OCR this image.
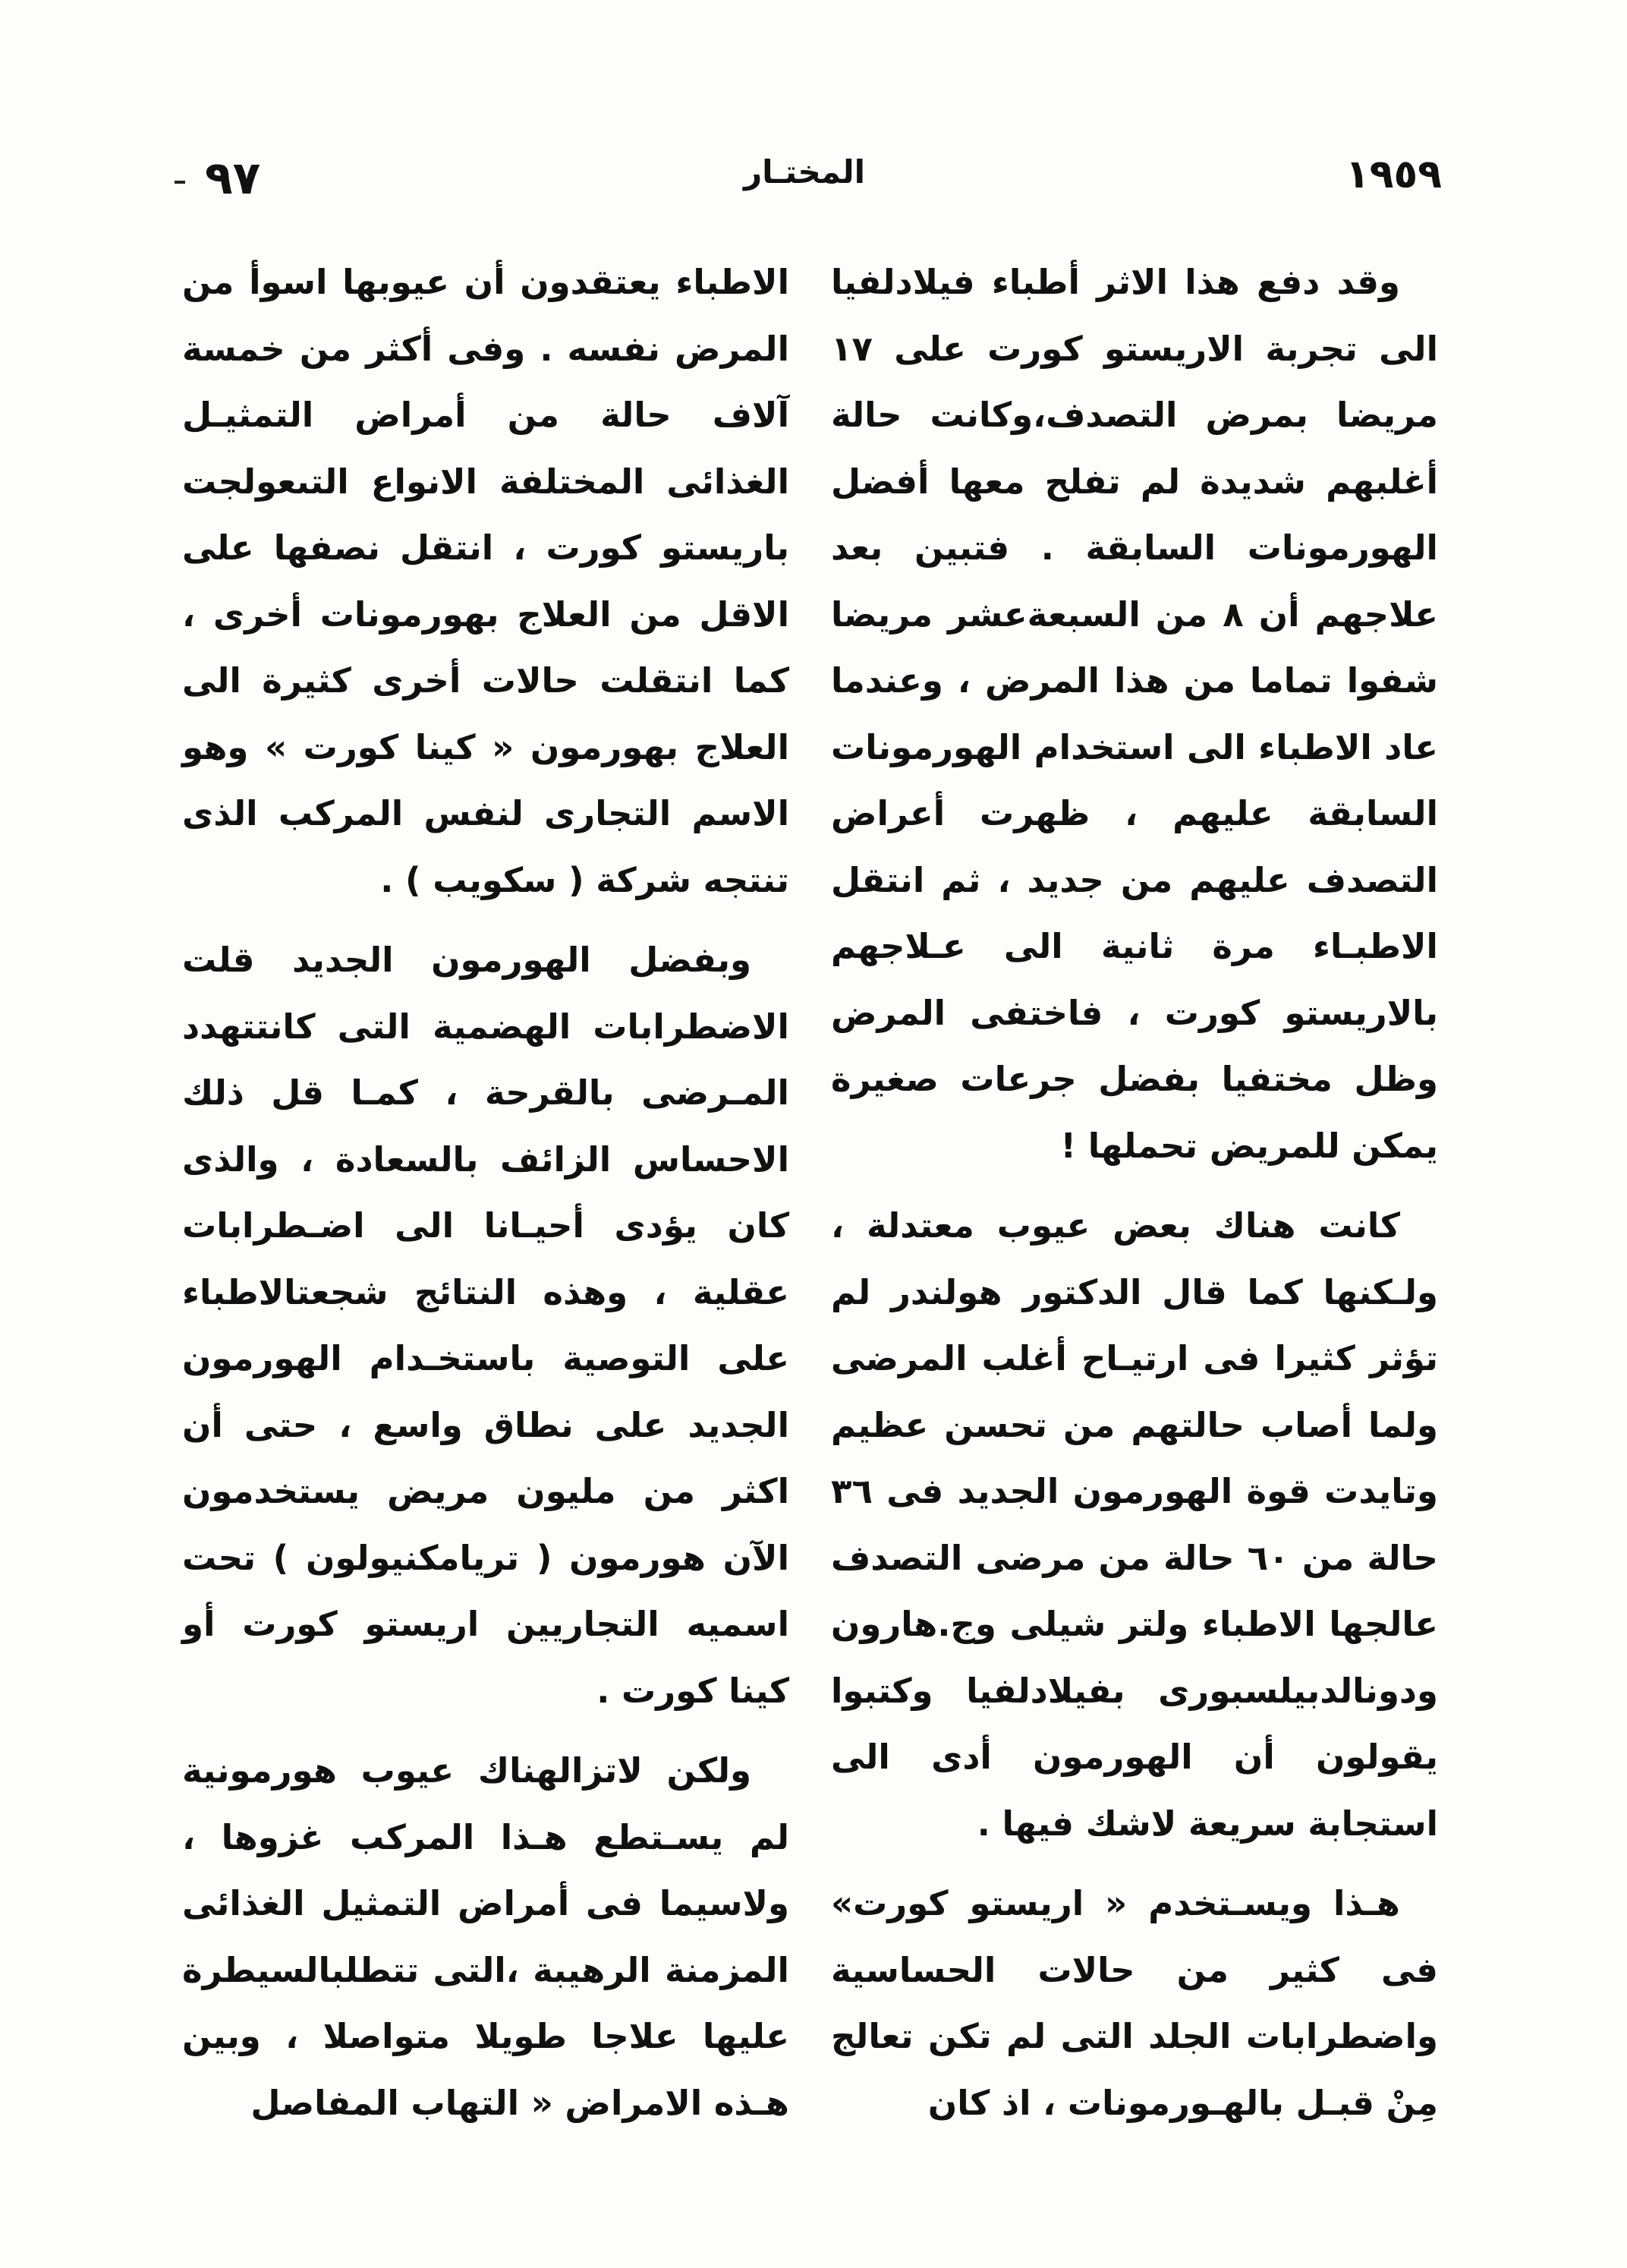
٩٧	المختـار	١٩٥٩

وقد دفع هذا الاثر أطباء فيلادلفيا الى تجربة الاريستو كورت على ١٧ مريضا بمرض التصدف،وكانت حالة أغلبهم شديدة لم تفلح معها أفضل الهورمونات السابقة . فتبين بعد علاجهم أن ٨ من السبعةعشر مريضا شفوا تماما من هذا المرض ، وعندما عاد الاطباء الى استخدام الهورمونات السابقة عليهم ، ظهرت أعراض التصدف عليهم من جديد ، ثم انتقل الاطبـاء مرة ثانية الى عـلاجهم بالاريستو كورت ، فاختفى المرض وظل مختفيا بفضل جرعات صغيرة يمكن للمريض تحملها !

كانت هناك بعض عيوب معتدلة ، ولـكنها كما قال الدكتور هولندر لم تؤثر كثيرا فى ارتيـاح أغلب المرضى ولما أصاب حالتهم من تحسن عظيم وتايدت قوة الهورمون الجديد فى ٣٦ حالة من ٦٠ حالة من مرضى التصدف عالجها الاطباء ولتر شيلى وج.هارون ودونالدبيلسبورى بفيلادلفيا وكتبوا يقولون أن الهورمون أدى الى استجابة سريعة لاشك فيها .

هـذا ويسـتخدم « اريستو كورت» فى كثير من حالات الحساسية واضطرابات الجلد التى لم تكن تعالج مِنْ قبـل بالهـورمونات ، اذ كان

الاطباء يعتقدون أن عيوبها اسوأ من المرض نفسه . وفى أكثر من خمسة آلاف حالة من أمراض التمثيـل الغذائى المختلفة الانواع التىعولجت باريستو كورت ، انتقل نصفها على الاقل من العلاج بهورمونات أخرى ، كما انتقلت حالات أخرى كثيرة الى العلاج بهورمون « كينا كورت » وهو الاسم التجارى لنفس المركب الذى تنتجه شركة ( سكويب ) .

وبفضل الهورمون الجديد قلت الاضطرابات الهضمية التى كانتتهدد المـرضى بالقرحة ، كمـا قل ذلك الاحساس الزائف بالسعادة ، والذى كان يؤدى أحيـانا الى اضـطرابات عقلية ، وهذه النتائج شجعتالاطباء على التوصية باستخـدام الهورمون الجديد على نطاق واسع ، حتى أن اكثر من مليون مريض يستخدمون الآن هورمون ( تريامكنيولون ) تحت اسميه التجاريين اريستو كورت أو كينا كورت .

ولكن لاتزالهناك عيوب هورمونية لم يسـتطع هـذا المركب غزوها ، ولاسيما فى أمراض التمثيل الغذائى المزمنة الرهيبة ،التى تتطلبالسيطرة عليها علاجا طويلا متواصلا ، وبين هـذه الامراض « التهاب المفاصل
